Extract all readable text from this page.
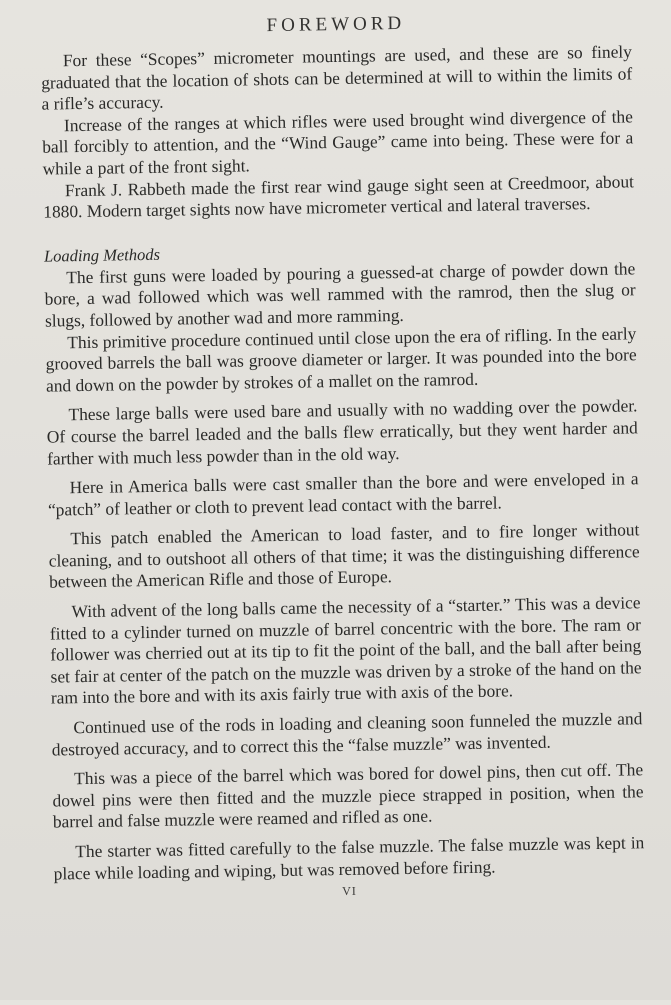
FOREWORD

For these “Scopes” micrometer mountings are used, and these are so finely graduated that the location of shots can be determined at will to within the limits of a rifle’s accuracy.

Increase of the ranges at which rifles were used brought wind divergence of the ball forcibly to attention, and the “Wind Gauge” came into being. These were for a while a part of the front sight.

Frank J. Rabbeth made the first rear wind gauge sight seen at Creedmoor, about 1880. Modern target sights now have micrometer vertical and lateral traverses.

Loading Methods

The first guns were loaded by pouring a guessed-at charge of powder down the bore, a wad followed which was well rammed with the ramrod, then the slug or slugs, followed by another wad and more ramming.

This primitive procedure continued until close upon the era of rifling. In the early grooved barrels the ball was groove diameter or larger. It was pounded into the bore and down on the powder by strokes of a mallet on the ramrod.

These large balls were used bare and usually with no wadding over the powder. Of course the barrel leaded and the balls flew erratically, but they went harder and farther with much less powder than in the old way.

Here in America balls were cast smaller than the bore and were enveloped in a “patch” of leather or cloth to prevent lead contact with the barrel.

This patch enabled the American to load faster, and to fire longer without cleaning, and to outshoot all others of that time; it was the distinguishing difference between the American Rifle and those of Europe.

With advent of the long balls came the necessity of a “starter.” This was a device fitted to a cylinder turned on muzzle of barrel concentric with the bore. The ram or follower was cherried out at its tip to fit the point of the ball, and the ball after being set fair at center of the patch on the muzzle was driven by a stroke of the hand on the ram into the bore and with its axis fairly true with axis of the bore.

Continued use of the rods in loading and cleaning soon funneled the muzzle and destroyed accuracy, and to correct this the “false muzzle” was invented.

This was a piece of the barrel which was bored for dowel pins, then cut off. The dowel pins were then fitted and the muzzle piece strapped in position, when the barrel and false muzzle were reamed and rifled as one.

The starter was fitted carefully to the false muzzle. The false muzzle was kept in place while loading and wiping, but was removed before firing.

VI
